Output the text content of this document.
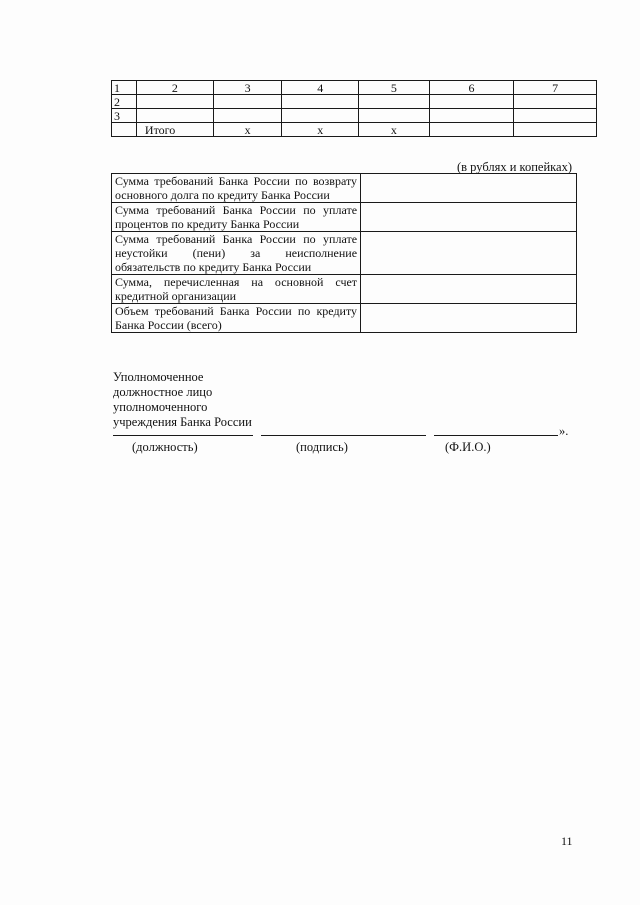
1	2	3	4	5	6	7
2						
3						
	Итого	х	х	х		
(в рублях и копейках)
Сумма требований Банка России по возврату основного долга по кредиту Банка России	
Сумма требований Банка России по уплате процентов по кредиту Банка России	
Сумма требований Банка России по уплате неустойки (пени) за неисполнение обязательств по кредиту Банка России	
Сумма, перечисленная на основной счет кредитной организации	
Объем требований Банка России по кредиту Банка России (всего)	
Уполномоченное
должностное лицо
уполномоченного
учреждения Банка России
».
(должность)	(подпись)	(Ф.И.О.)
11
